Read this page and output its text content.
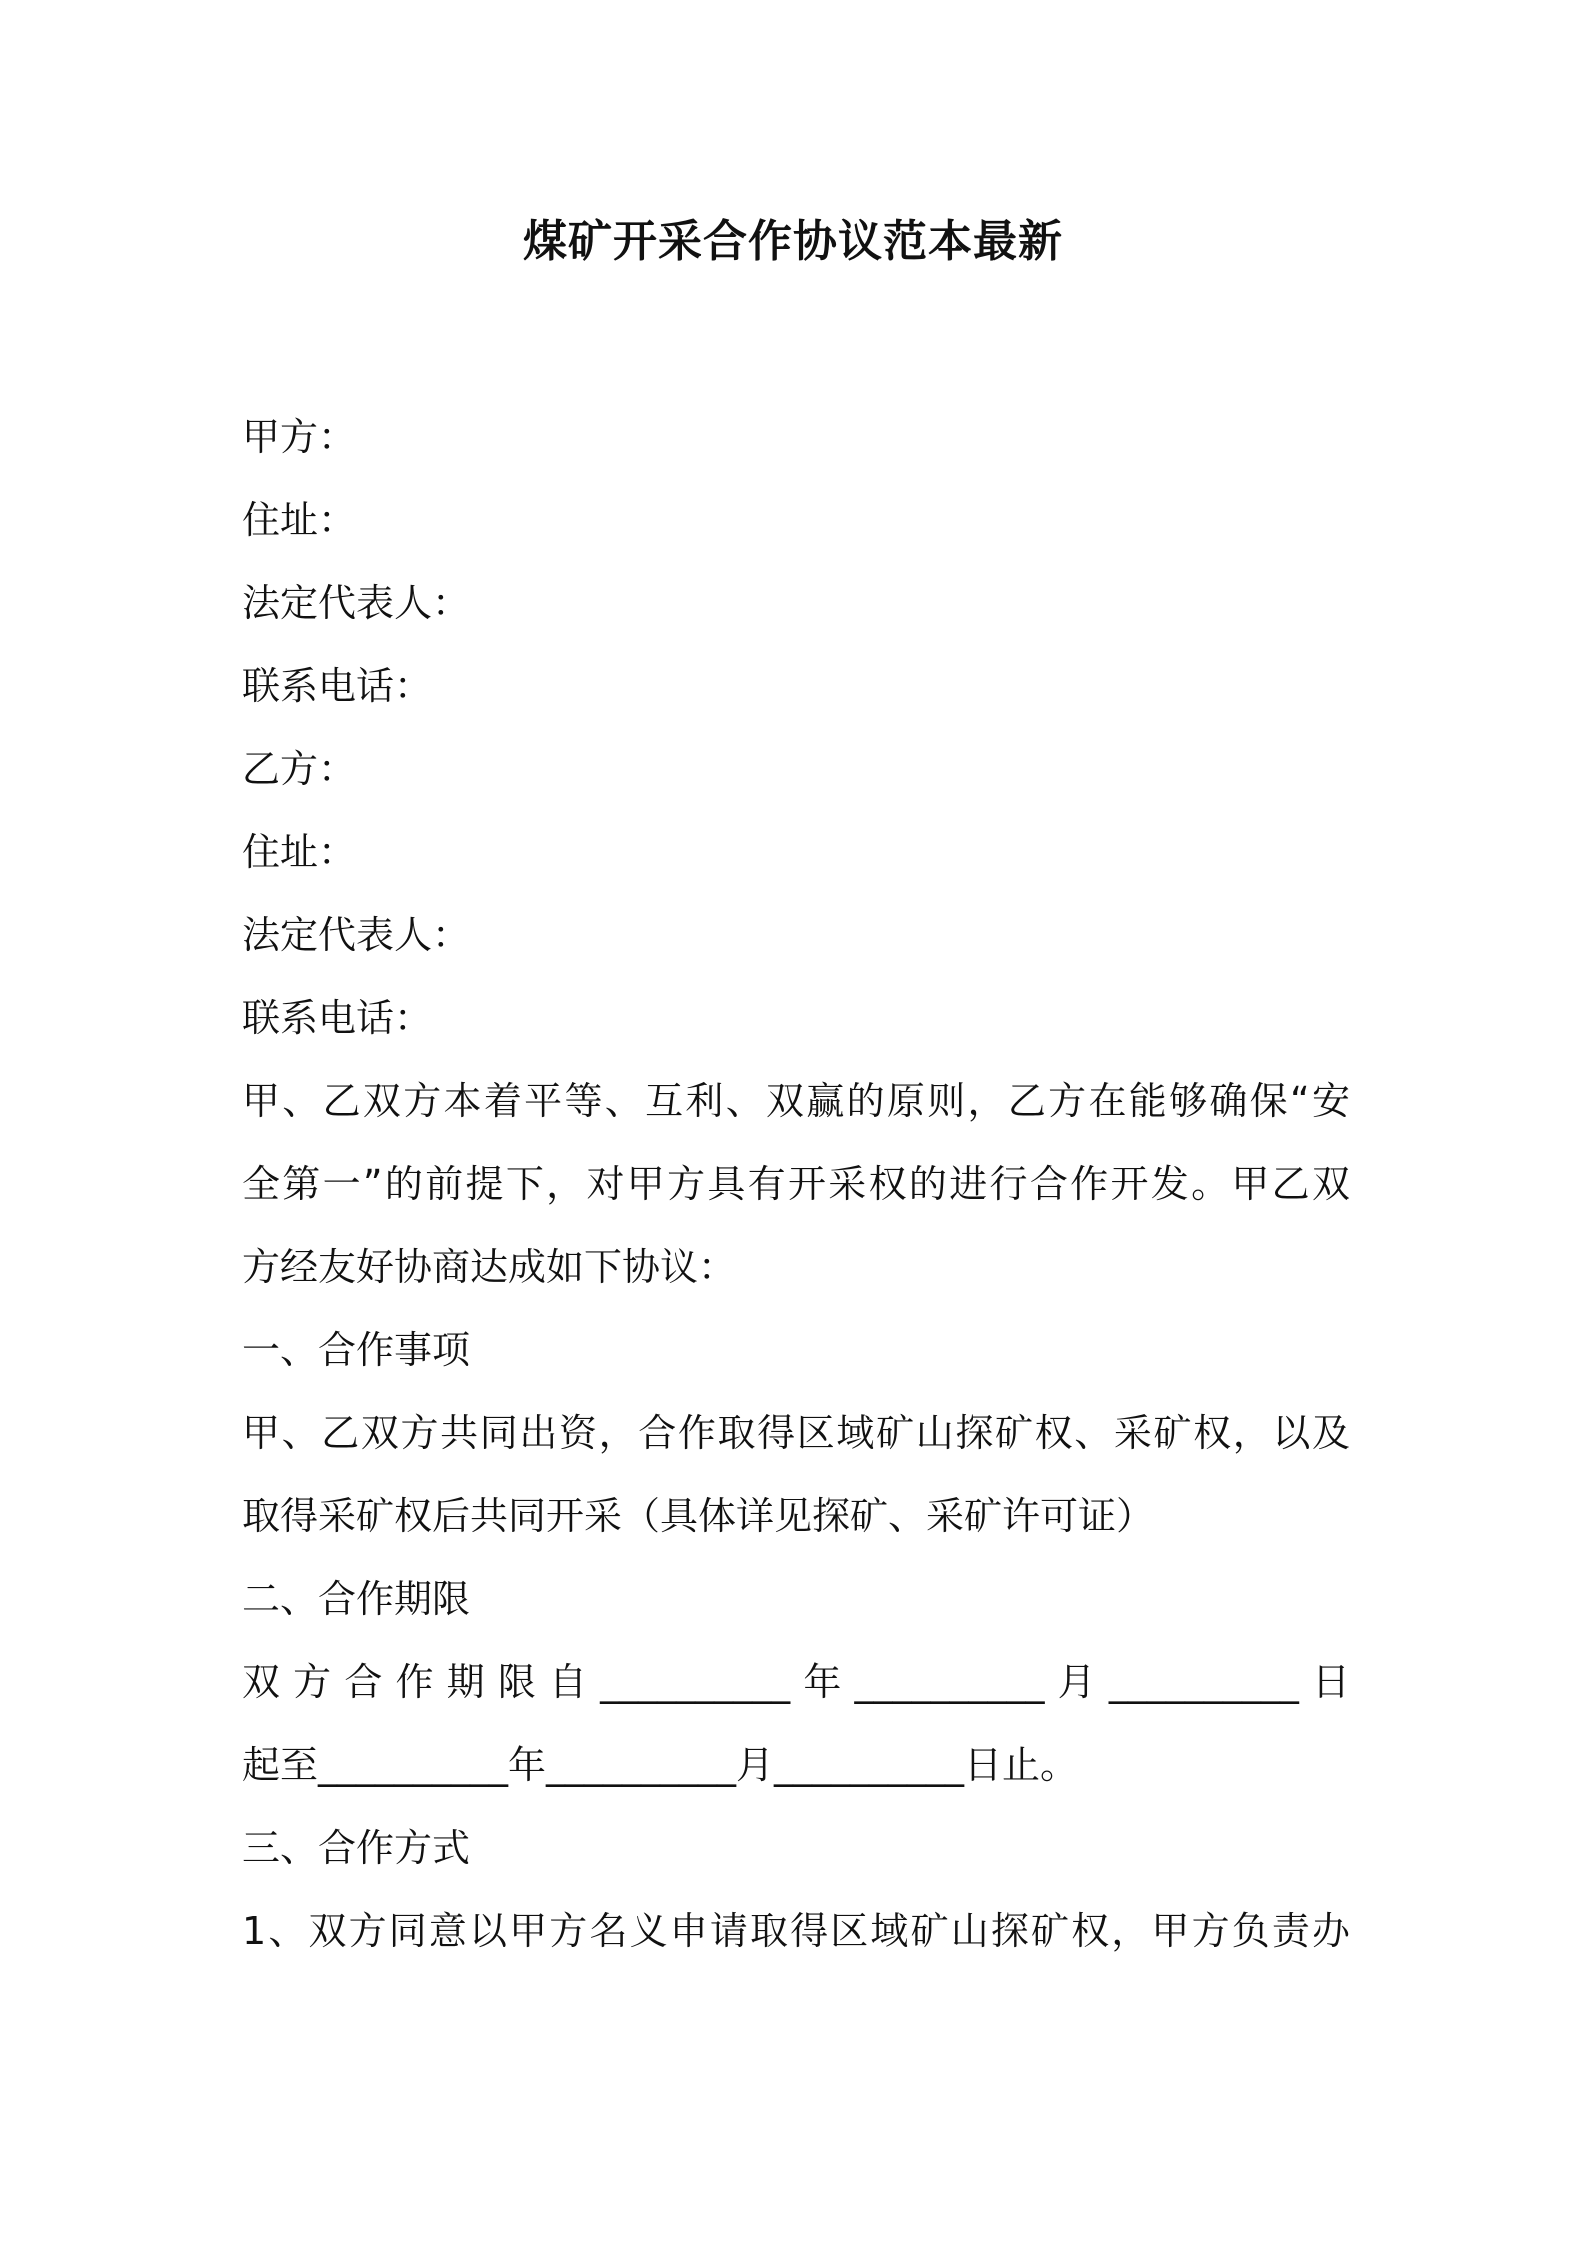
煤矿开采合作协议范本最新
甲方：
住址：
法定代表人：
联系电话：
乙方：
住址：
法定代表人：
联系电话：
甲、乙双方本着平等、互利、双赢的原则，乙方在能够确保“安
全第一”的前提下，对甲方具有开采权的进行合作开发。甲乙双
方经友好协商达成如下协议：
一、合作事项
甲、乙双方共同出资，合作取得区域矿山探矿权、采矿权，以及
取得采矿权后共同开采（具体详见探矿、采矿许可证）
二、合作期限
双方合作期限自__________年__________月__________日
起至__________年__________月__________日止。
三、合作方式
1、双方同意以甲方名义申请取得区域矿山探矿权，甲方负责办
